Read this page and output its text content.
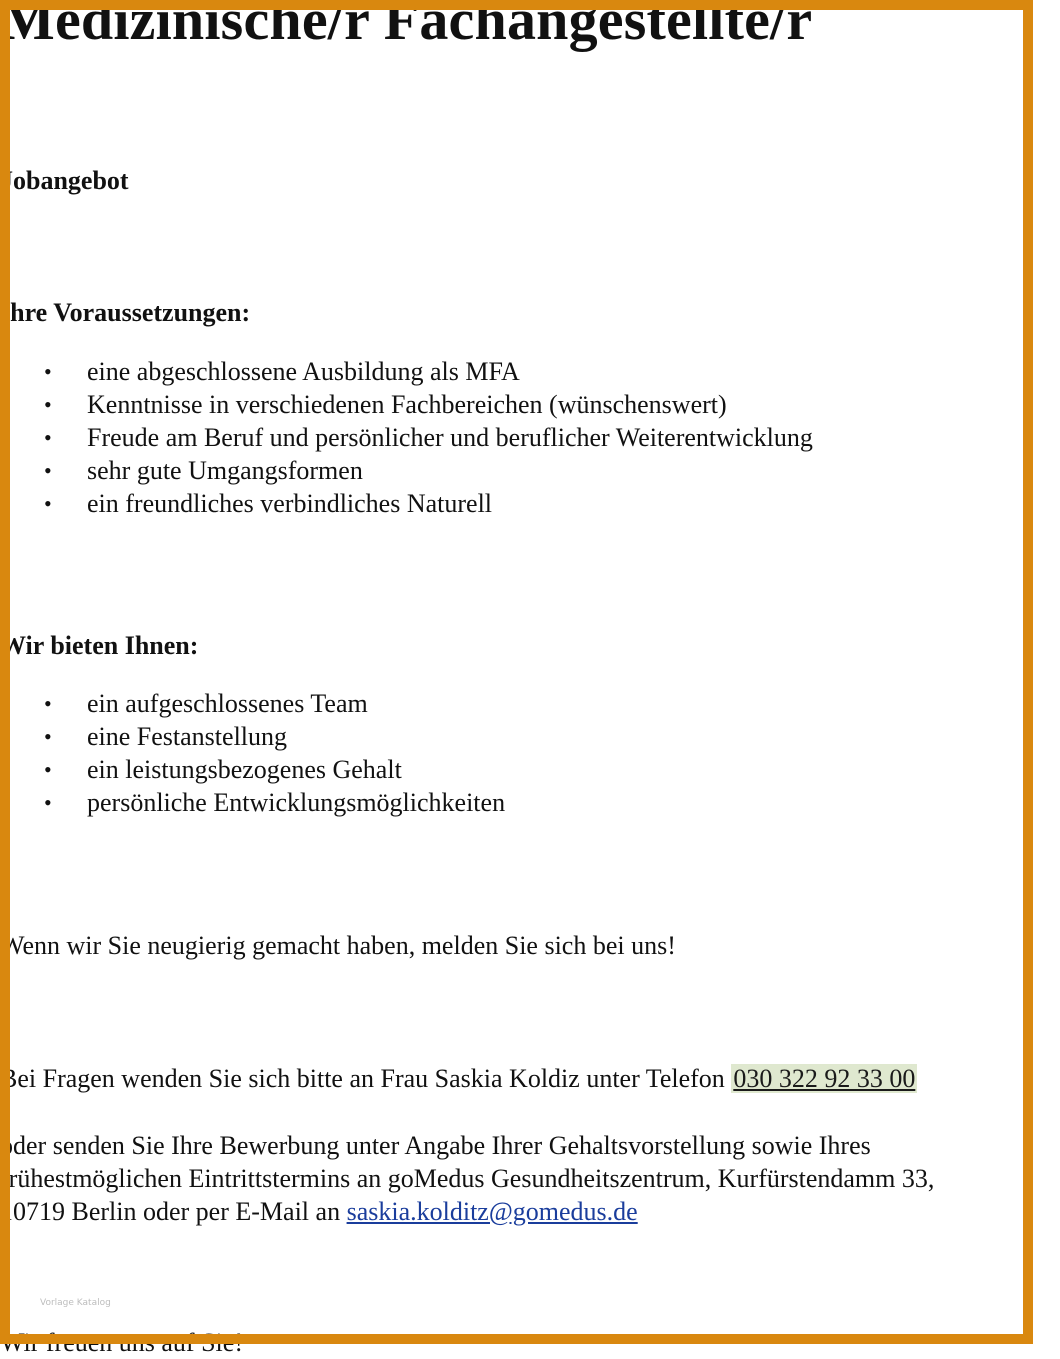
Medizinische/r Fachangestellte/r
Jobangebot
Ihre Voraussetzungen:
• eine abgeschlossene Ausbildung als MFA
• Kenntnisse in verschiedenen Fachbereichen (wünschenswert)
• Freude am Beruf und persönlicher und beruflicher Weiterentwicklung
• sehr gute Umgangsformen
• ein freundliches verbindliches Naturell
Wir bieten Ihnen:
• ein aufgeschlossenes Team
• eine Festanstellung
• ein leistungsbezogenes Gehalt
• persönliche Entwicklungsmöglichkeiten

Wenn wir Sie neugierig gemacht haben, melden Sie sich bei uns!

Bei Fragen wenden Sie sich bitte an Frau Saskia Koldiz unter Telefon 030 322 92 33 00

oder senden Sie Ihre Bewerbung unter Angabe Ihrer Gehaltsvorstellung sowie Ihres

frühestmöglichen Eintrittstermins an goMedus Gesundheitszentrum, Kurfürstendamm 33,

10719 Berlin oder per E-Mail an saskia.kolditz@gomedus.de

Wir freuen uns auf Sie!

Vorlage Katalog
